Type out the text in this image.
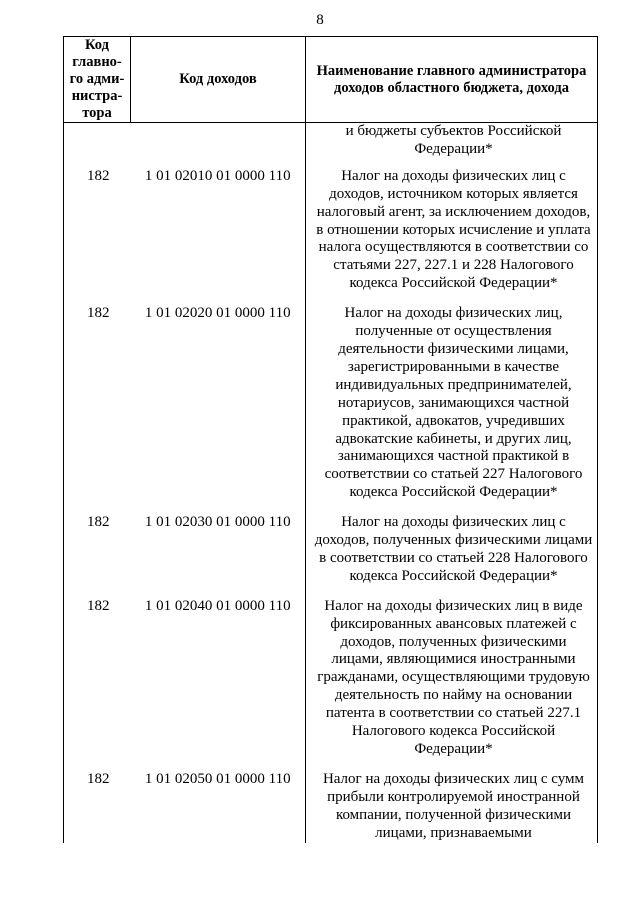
8
Код главно-го адми-нистра-тора	Код доходов	Наименование главного администратора доходов областного бюджета, дохода
		и бюджеты субъектов Российской Федерации*
182	1 01 02010 01 0000 110	Налог на доходы физических лиц с доходов, источником которых является налоговый агент, за исключением доходов, в отношении которых исчисление и уплата налога осуществляются в соответствии со статьями 227, 227.1 и 228 Налогового кодекса Российской Федерации*
182	1 01 02020 01 0000 110	Налог на доходы физических лиц, полученные от осуществления деятельности физическими лицами, зарегистрированными в качестве индивидуальных предпринимателей, нотариусов, занимающихся частной практикой, адвокатов, учредивших адвокатские кабинеты, и других лиц, занимающихся частной практикой в соответствии со статьей 227 Налогового кодекса Российской Федерации*
182	1 01 02030 01 0000 110	Налог на доходы физических лиц с доходов, полученных физическими лицами в соответствии со статьей 228 Налогового кодекса Российской Федерации*
182	1 01 02040 01 0000 110	Налог на доходы физических лиц в виде фиксированных авансовых платежей с доходов, полученных физическими лицами, являющимися иностранными гражданами, осуществляющими трудовую деятельность по найму на основании патента в соответствии со статьей 227.1 Налогового кодекса Российской Федерации*
182	1 01 02050 01 0000 110	Налог на доходы физических лиц с сумм прибыли контролируемой иностранной компании, полученной физическими лицами, признаваемыми
